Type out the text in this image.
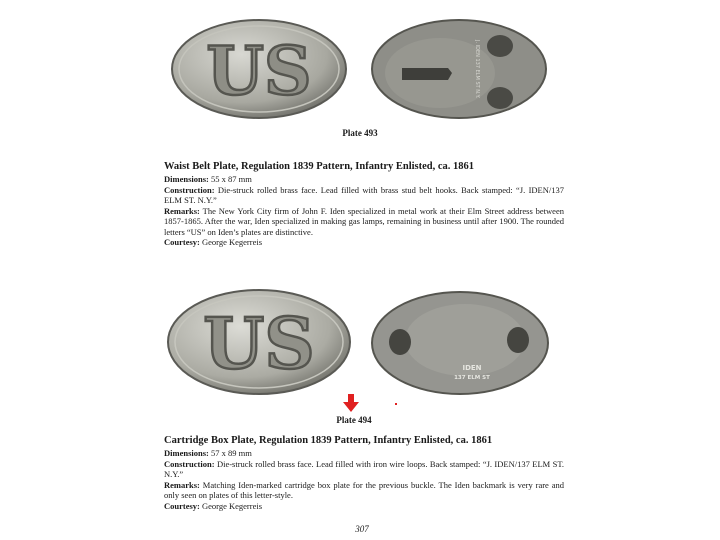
US	J. IDEN 137 ELM ST N.Y.
Plate 493
Waist Belt Plate, Regulation 1839 Pattern, Infantry Enlisted, ca. 1861

Dimensions: 55 x 87 mm

Construction: Die-struck rolled brass face. Lead filled with brass stud belt hooks. Back stamped: “J. IDEN/137 ELM ST. N.Y.”

Remarks: The New York City firm of John F. Iden specialized in metal work at their Elm Street address between 1857-1865. After the war, Iden specialized in making gas lamps, remaining in business until after 1900. The rounded letters “US” on Iden’s plates are distinctive.

Courtesy: George Kegerreis

US	IDEN
137 ELM ST
Plate 494
Cartridge Box Plate, Regulation 1839 Pattern, Infantry Enlisted, ca. 1861

Dimensions: 57 x 89 mm

Construction: Die-struck rolled brass face. Lead filled with iron wire loops. Back stamped: “J. IDEN/137 ELM ST. N.Y.”

Remarks: Matching Iden-marked cartridge box plate for the previous buckle. The Iden backmark is very rare and only seen on plates of this letter-style.

Courtesy: George Kegerreis

307
